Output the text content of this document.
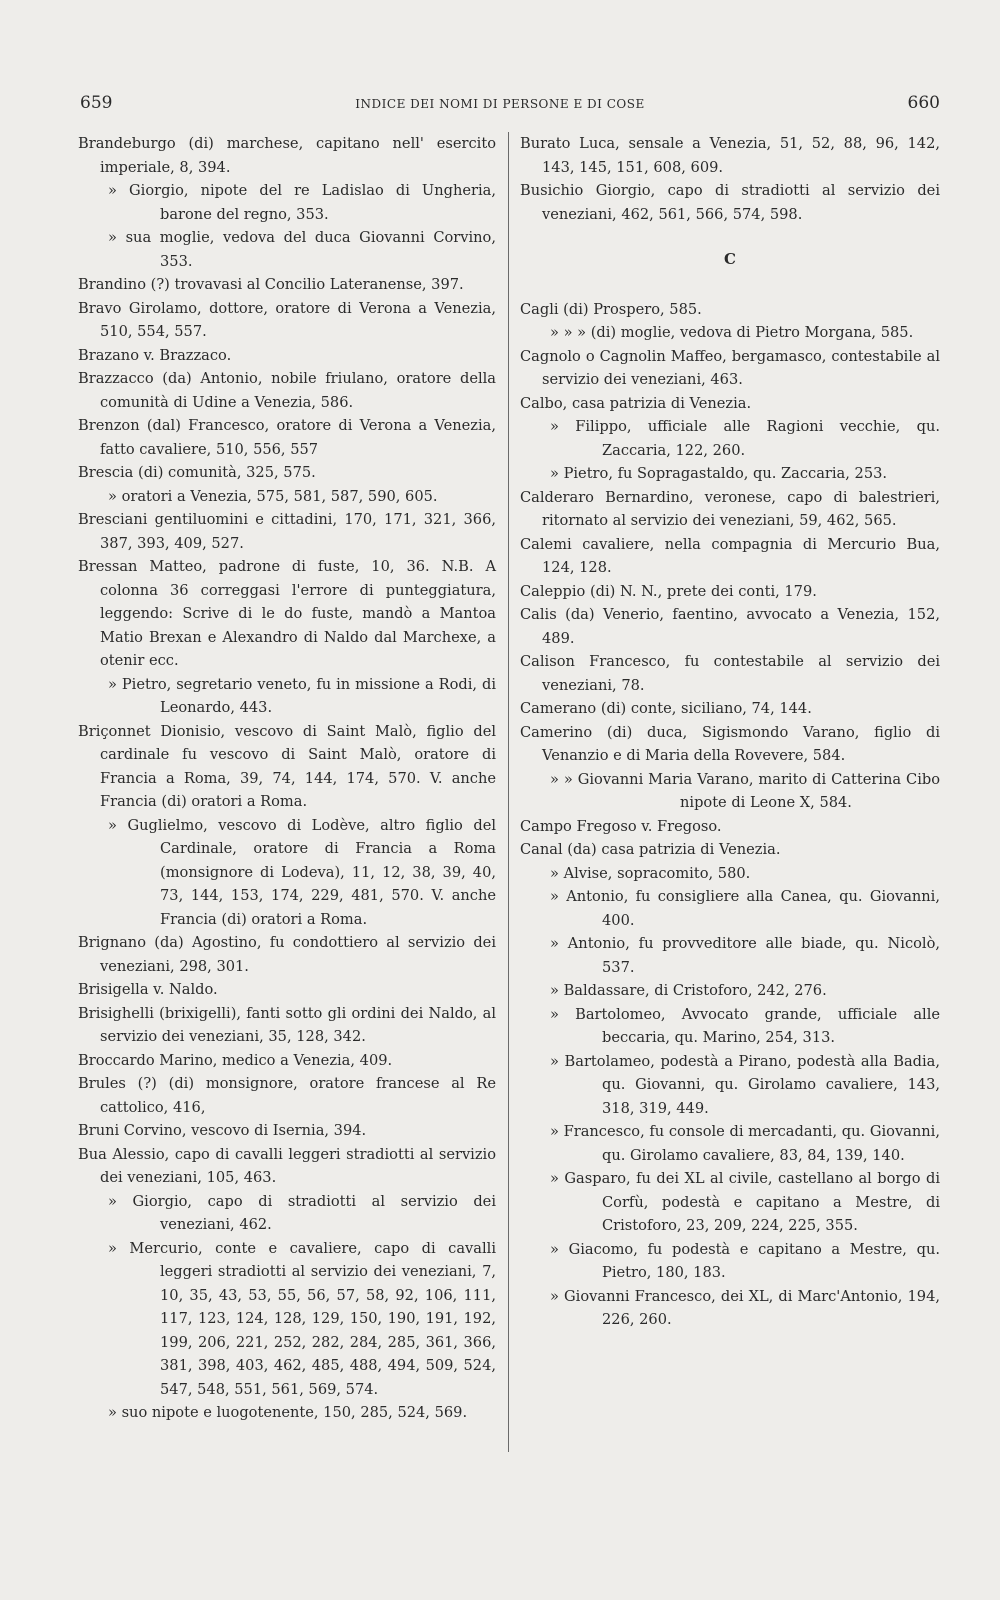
659	INDICE DEI NOMI DI PERSONE E DI COSE	660
Brandeburgo (di) marchese, capitano nell' esercito imperiale, 8, 394.
» Giorgio, nipote del re Ladislao di Ungheria, barone del regno, 353.
» sua moglie, vedova del duca Giovanni Corvino, 353.
Brandino (?) trovavasi al Concilio Lateranense, 397.
Bravo Girolamo, dottore, oratore di Verona a Venezia, 510, 554, 557.
Brazano v. Brazzaco.
Brazzacco (da) Antonio, nobile friulano, oratore della comunità di Udine a Venezia, 586.
Brenzon (dal) Francesco, oratore di Verona a Venezia, fatto cavaliere, 510, 556, 557
Brescia (di) comunità, 325, 575.
» oratori a Venezia, 575, 581, 587, 590, 605.
Bresciani gentiluomini e cittadini, 170, 171, 321, 366, 387, 393, 409, 527.
Bressan Matteo, padrone di fuste, 10, 36. N.B. A colonna 36 correggasi l'errore di punteggiatura, leggendo: Scrive di le do fuste, mandò a Mantoa Matio Brexan e Alexandro di Naldo dal Marchexe, a otenir ecc.
» Pietro, segretario veneto, fu in missione a Rodi, di Leonardo, 443.
Briçonnet Dionisio, vescovo di Saint Malò, figlio del cardinale fu vescovo di Saint Malò, oratore di Francia a Roma, 39, 74, 144, 174, 570. V. anche Francia (di) oratori a Roma.
» Guglielmo, vescovo di Lodève, altro figlio del Cardinale, oratore di Francia a Roma (monsignore di Lodeva), 11, 12, 38, 39, 40, 73, 144, 153, 174, 229, 481, 570. V. anche Francia (di) oratori a Roma.
Brignano (da) Agostino, fu condottiero al servizio dei veneziani, 298, 301.
Brisigella v. Naldo.
Brisighelli (brixigelli), fanti sotto gli ordini dei Naldo, al servizio dei veneziani, 35, 128, 342.
Broccardo Marino, medico a Venezia, 409.
Brules (?) (di) monsignore, oratore francese al Re cattolico, 416,
Bruni Corvino, vescovo di Isernia, 394.
Bua Alessio, capo di cavalli leggeri stradiotti al servizio dei veneziani, 105, 463.
» Giorgio, capo di stradiotti al servizio dei veneziani, 462.
» Mercurio, conte e cavaliere, capo di cavalli leggeri stradiotti al servizio dei veneziani, 7, 10, 35, 43, 53, 55, 56, 57, 58, 92, 106, 111, 117, 123, 124, 128, 129, 150, 190, 191, 192, 199, 206, 221, 252, 282, 284, 285, 361, 366, 381, 398, 403, 462, 485, 488, 494, 509, 524, 547, 548, 551, 561, 569, 574.
» suo nipote e luogotenente, 150, 285, 524, 569.
Burato Luca, sensale a Venezia, 51, 52, 88, 96, 142, 143, 145, 151, 608, 609.
Busichio Giorgio, capo di stradiotti al servizio dei veneziani, 462, 561, 566, 574, 598.
C
Cagli (di) Prospero, 585.
» » » (di) moglie, vedova di Pietro Morgana, 585.
Cagnolo o Cagnolin Maffeo, bergamasco, contestabile al servizio dei veneziani, 463.
Calbo, casa patrizia di Venezia.
» Filippo, ufficiale alle Ragioni vecchie, qu. Zaccaria, 122, 260.
» Pietro, fu Sopragastaldo, qu. Zaccaria, 253.
Calderaro Bernardino, veronese, capo di balestrieri, ritornato al servizio dei veneziani, 59, 462, 565.
Calemi cavaliere, nella compagnia di Mercurio Bua, 124, 128.
Caleppio (di) N. N., prete dei conti, 179.
Calis (da) Venerio, faentino, avvocato a Venezia, 152, 489.
Calison Francesco, fu contestabile al servizio dei veneziani, 78.
Camerano (di) conte, siciliano, 74, 144.
Camerino (di) duca, Sigismondo Varano, figlio di Venanzio e di Maria della Rovevere, 584.
» » Giovanni Maria Varano, marito di Catterina Cibo nipote di Leone X, 584.
Campo Fregoso v. Fregoso.
Canal (da) casa patrizia di Venezia.
» Alvise, sopracomito, 580.
» Antonio, fu consigliere alla Canea, qu. Giovanni, 400.
» Antonio, fu provveditore alle biade, qu. Nicolò, 537.
» Baldassare, di Cristoforo, 242, 276.
» Bartolomeo, Avvocato grande, ufficiale alle beccaria, qu. Marino, 254, 313.
» Bartolameo, podestà a Pirano, podestà alla Badia, qu. Giovanni, qu. Girolamo cavaliere, 143, 318, 319, 449.
» Francesco, fu console di mercadanti, qu. Giovanni, qu. Girolamo cavaliere, 83, 84, 139, 140.
» Gasparo, fu dei XL al civile, castellano al borgo di Corfù, podestà e capitano a Mestre, di Cristoforo, 23, 209, 224, 225, 355.
» Giacomo, fu podestà e capitano a Mestre, qu. Pietro, 180, 183.
» Giovanni Francesco, dei XL, di Marc'Antonio, 194, 226, 260.
